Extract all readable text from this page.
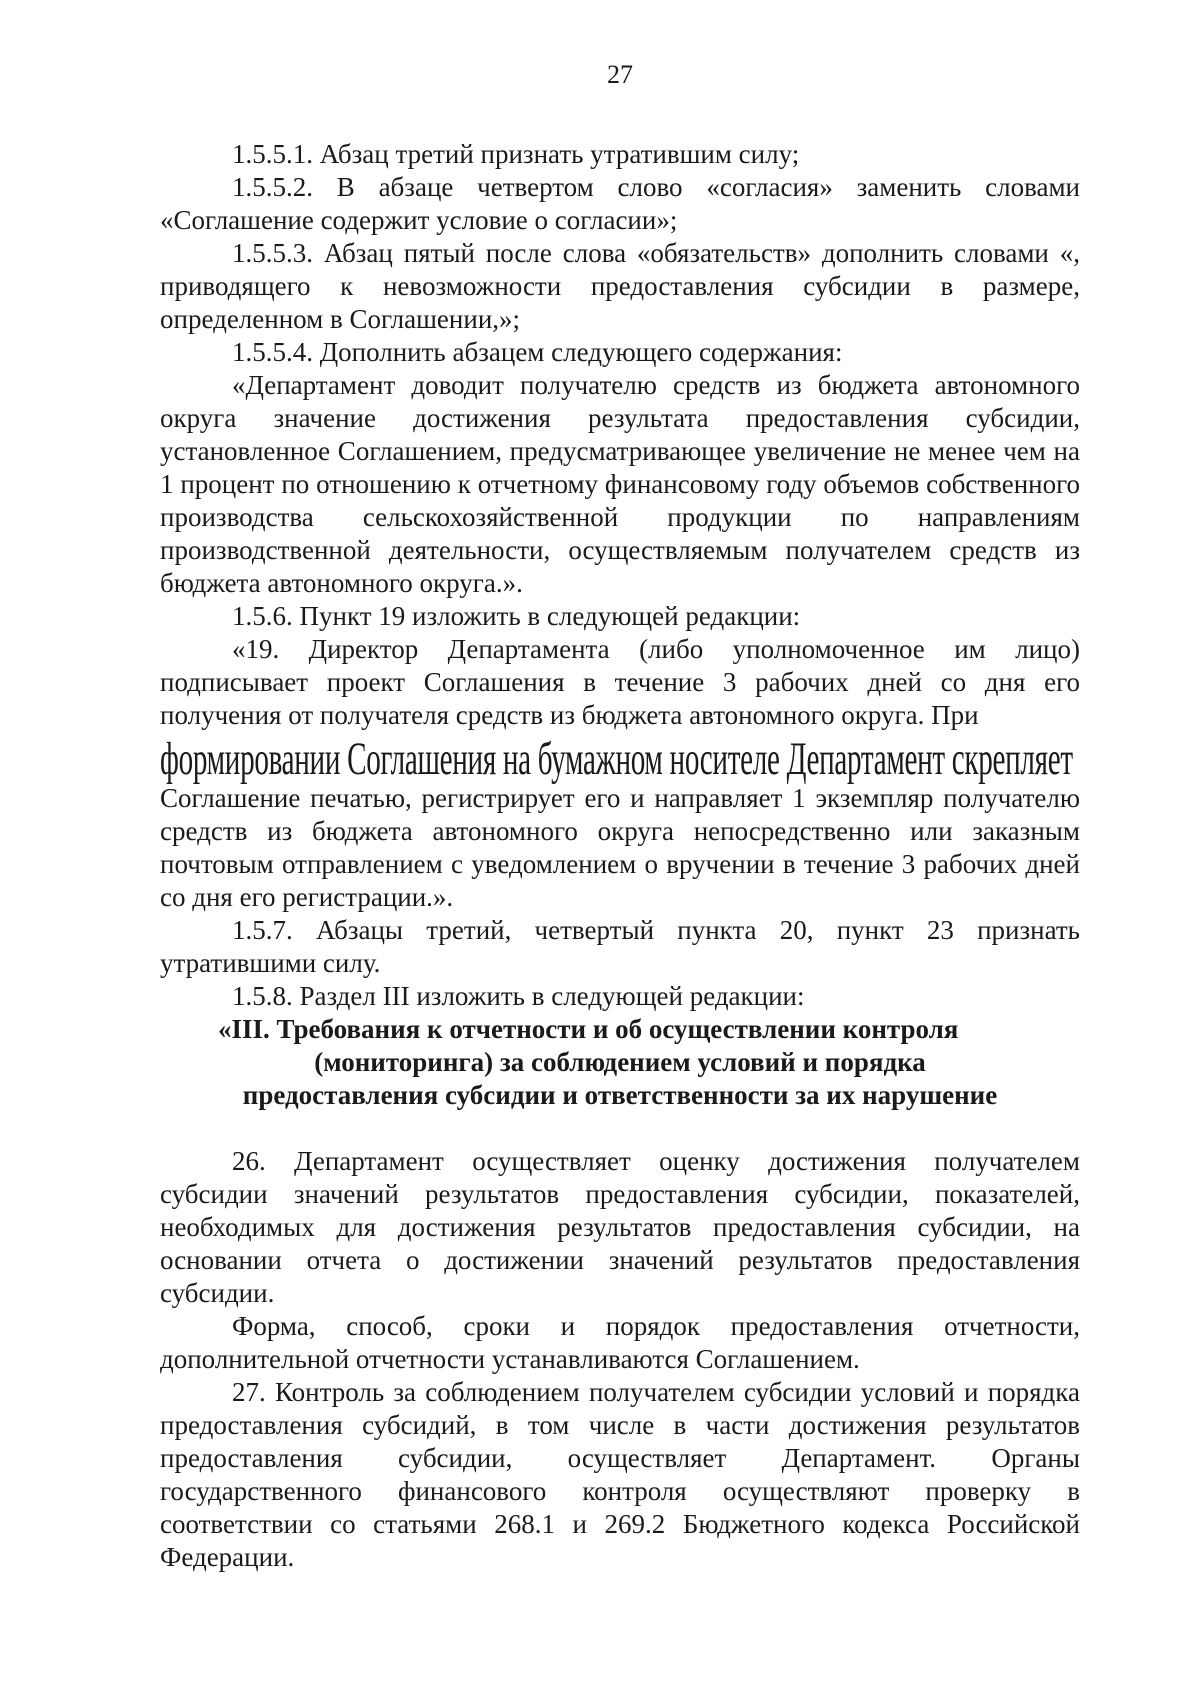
27

1.5.5.1. Абзац третий признать утратившим силу;

1.5.5.2. В абзаце четвертом слово «согласия» заменить словами «Соглашение содержит условие о согласии»;

1.5.5.3. Абзац пятый после слова «обязательств» дополнить словами «, приводящего к невозможности предоставления субсидии в размере, определенном в Соглашении,»;

1.5.5.4. Дополнить абзацем следующего содержания:

«Департамент доводит получателю средств из бюджета автономного округа значение достижения результата предоставления субсидии, установленное Соглашением, предусматривающее увеличение не менее чем на 1 процент по отношению к отчетному финансовому году объемов собственного производства сельскохозяйственной продукции по направлениям производственной деятельности, осуществляемым получателем средств из бюджета автономного округа.».

1.5.6. Пункт 19 изложить в следующей редакции:

«19. Директор Департамента (либо уполномоченное им лицо) подписывает проект Соглашения в течение 3 рабочих дней со дня его получения от получателя средств из бюджета автономного округа. При

формировании Соглашения на бумажном носителе Департамент скрепляет

Соглашение печатью, регистрирует его и направляет 1 экземпляр получателю средств из бюджета автономного округа непосредственно или заказным почтовым отправлением с уведомлением о вручении в течение 3 рабочих дней со дня его регистрации.».

1.5.7. Абзацы третий, четвертый пункта 20, пункт 23 признать утратившими силу.

1.5.8. Раздел III изложить в следующей редакции:

«III. Требования к отчетности и об осуществлении контроля

(мониторинга) за соблюдением условий и порядка

предоставления субсидии и ответственности за их нарушение

26. Департамент осуществляет оценку достижения получателем субсидии значений результатов предоставления субсидии, показателей, необходимых для достижения результатов предоставления субсидии, на основании отчета о достижении значений результатов предоставления субсидии.

Форма, способ, сроки и порядок предоставления отчетности, дополнительной отчетности устанавливаются Соглашением.

27. Контроль за соблюдением получателем субсидии условий и порядка предоставления субсидий, в том числе в части достижения результатов предоставления субсидии, осуществляет Департамент. Органы государственного финансового контроля осуществляют проверку в соответствии со статьями 268.1 и 269.2 Бюджетного кодекса Российской Федерации.
